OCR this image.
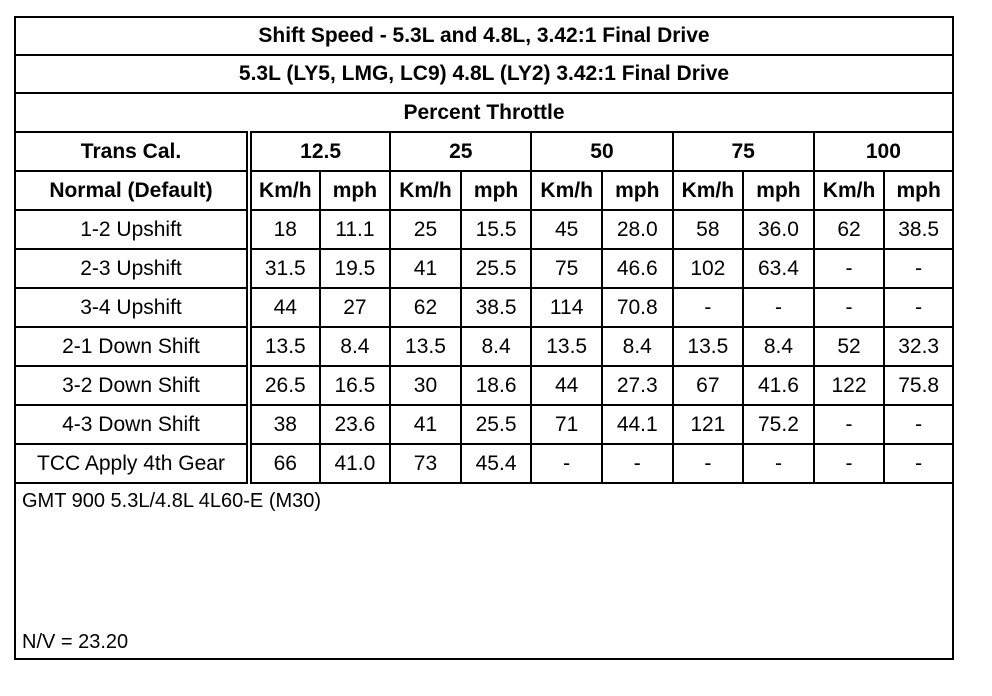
Shift Speed - 5.3L and 4.8L, 3.42:1 Final Drive										
5.3L (LY5, LMG, LC9) 4.8L (LY2) 3.42:1 Final Drive										
Percent Throttle										
Trans Cal.	12.5		25		50		75		100	
Normal (Default)	Km/h	mph	Km/h	mph	Km/h	mph	Km/h	mph	Km/h	mph
1-2 Upshift	18	11.1	25	15.5	45	28.0	58	36.0	62	38.5
2-3 Upshift	31.5	19.5	41	25.5	75	46.6	102	63.4	-	-
3-4 Upshift	44	27	62	38.5	114	70.8	-	-	-	-
2-1 Down Shift	13.5	8.4	13.5	8.4	13.5	8.4	13.5	8.4	52	32.3
3-2 Down Shift	26.5	16.5	30	18.6	44	27.3	67	41.6	122	75.8
4-3 Down Shift	38	23.6	41	25.5	71	44.1	121	75.2	-	-
TCC Apply 4th Gear	66	41.0	73	45.4	-	-	-	-	-	-
GMT 900 5.3L/4.8L 4L60-E (M30)
N/V = 23.20
